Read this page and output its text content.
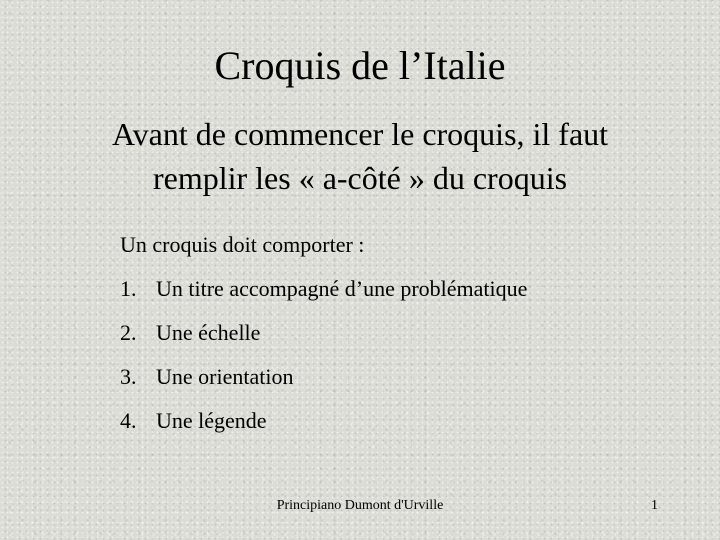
Croquis de l’Italie
Avant de commencer le croquis, il faut
remplir les « a-côté » du croquis
Un croquis doit comporter :
1. Un titre accompagné d’une problématique
2. Une échelle
3. Une orientation
4. Une légende
Principiano Dumont d'Urville	1
